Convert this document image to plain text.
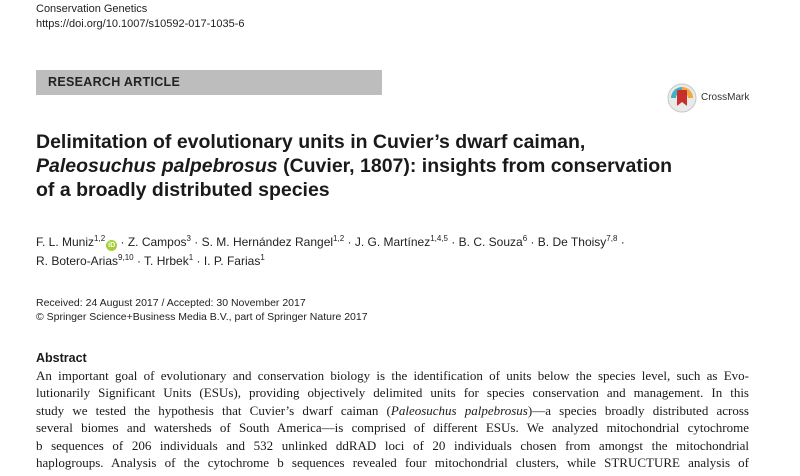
Conservation Genetics
https://doi.org/10.1007/s10592-017-1035-6
RESEARCH ARTICLE
CrossMark
Delimitation of evolutionary units in Cuvier’s dwarf caiman,
Paleosuchus palpebrosus (Cuvier, 1807): insights from conservation
of a broadly distributed species
F. L. Muniz$^{1,2}$iD · Z. Campos$^3$ · S. M. Hernández Rangel$^{1,2}$ · J. G. Martínez$^{1,4,5}$ · B. C. Souza$^6$ · B. De Thoisy$^{7,8}$ ·
R. Botero-Arias$^{9,10}$ · T. Hrbek$^1$ · I. P. Farias$^1$
Received: 24 August 2017 / Accepted: 30 November 2017
© Springer Science+Business Media B.V., part of Springer Nature 2017
Abstract
An important goal of evolutionary and conservation biology is the identification of units below the species level, such as Evo-
lutionarily Significant Units (ESUs), providing objectively delimited units for species conservation and management. In this
study we tested the hypothesis that Cuvier’s dwarf caiman (Paleosuchus palpebrosus)—a species broadly distributed across
several biomes and watersheds of South America—is comprised of different ESUs. We analyzed mitochondrial cytochrome
b sequences of 206 individuals and 532 unlinked ddRAD loci of 20 individuals chosen from amongst the mitochondrial
haplogroups. Analysis of the cytochrome b sequences revealed four mitochondrial clusters, while STRUCTURE analysis of
